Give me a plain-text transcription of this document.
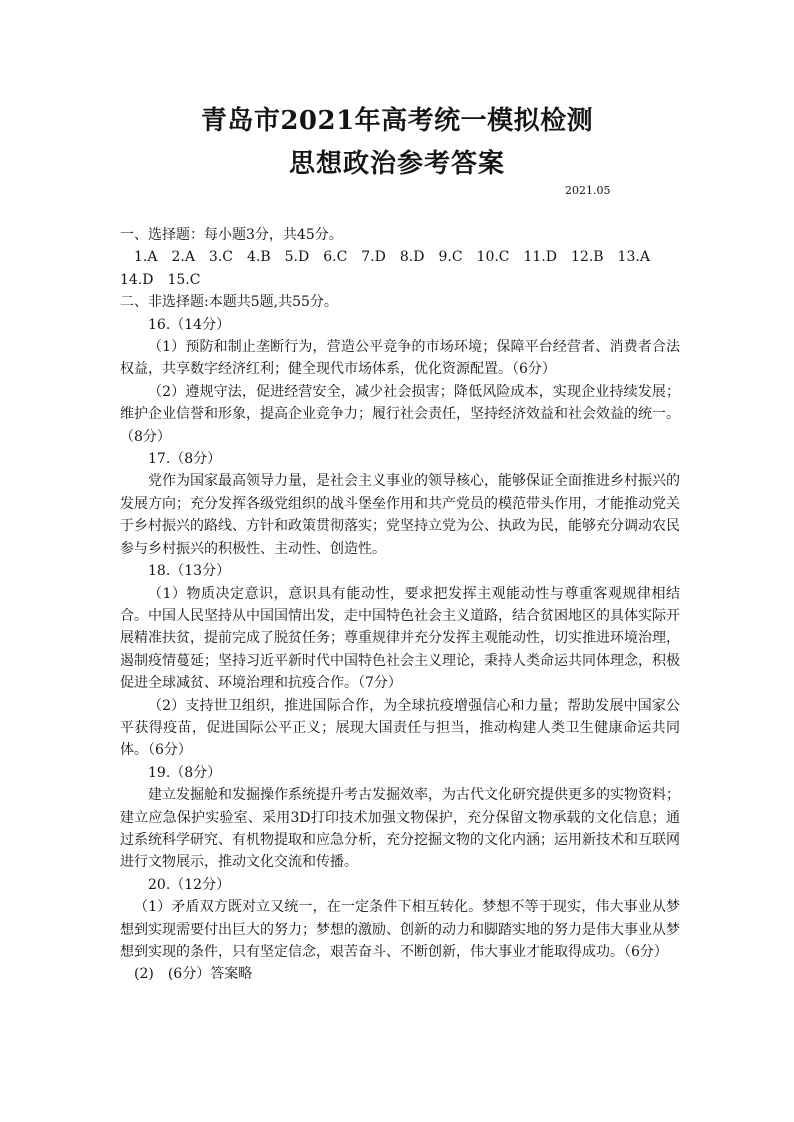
青岛市2021年高考统一模拟检测
思想政治参考答案
2021.05

一、选择题：每小题3分，共45分。

1.A　2.A　3.C　4.B　5.D　6.C　7.D　8.D　9.C　10.C　11.D　12.B　13.A

14.D　15.C

二、非选择题:本题共5题,共55分。

16.（14分）

（1）预防和制止垄断行为，营造公平竞争的市场环境；保障平台经营者、消费者合法权益，共享数字经济红利；健全现代市场体系，优化资源配置。（6分）

（2）遵规守法，促进经营安全，减少社会损害；降低风险成本，实现企业持续发展；维护企业信誉和形象，提高企业竞争力；履行社会责任，坚持经济效益和社会效益的统一。（8分）

17.（8分）

党作为国家最高领导力量，是社会主义事业的领导核心，能够保证全面推进乡村振兴的发展方向；充分发挥各级党组织的战斗堡垒作用和共产党员的模范带头作用，才能推动党关于乡村振兴的路线、方针和政策贯彻落实；党坚持立党为公、执政为民，能够充分调动农民参与乡村振兴的积极性、主动性、创造性。

18.（13分）

（1）物质决定意识，意识具有能动性，要求把发挥主观能动性与尊重客观规律相结合。中国人民坚持从中国国情出发，走中国特色社会主义道路，结合贫困地区的具体实际开展精准扶贫，提前完成了脱贫任务；尊重规律并充分发挥主观能动性，切实推进环境治理，遏制疫情蔓延；坚持习近平新时代中国特色社会主义理论，秉持人类命运共同体理念，积极促进全球减贫、环境治理和抗疫合作。（7分）

（2）支持世卫组织，推进国际合作，为全球抗疫增强信心和力量；帮助发展中国家公平获得疫苗，促进国际公平正义；展现大国责任与担当，推动构建人类卫生健康命运共同体。（6分）

19.（8分）

建立发掘舱和发掘操作系统提升考古发掘效率，为古代文化研究提供更多的实物资料；建立应急保护实验室、采用3D打印技术加强文物保护，充分保留文物承载的文化信息；通过系统科学研究、有机物提取和应急分析，充分挖掘文物的文化内涵；运用新技术和互联网进行文物展示，推动文化交流和传播。

20.（12分）

（1）矛盾双方既对立又统一，在一定条件下相互转化。梦想不等于现实，伟大事业从梦想到实现需要付出巨大的努力；梦想的激励、创新的动力和脚踏实地的努力是伟大事业从梦想到实现的条件，只有坚定信念，艰苦奋斗、不断创新，伟大事业才能取得成功。（6分）

(2)　(6分）答案略
